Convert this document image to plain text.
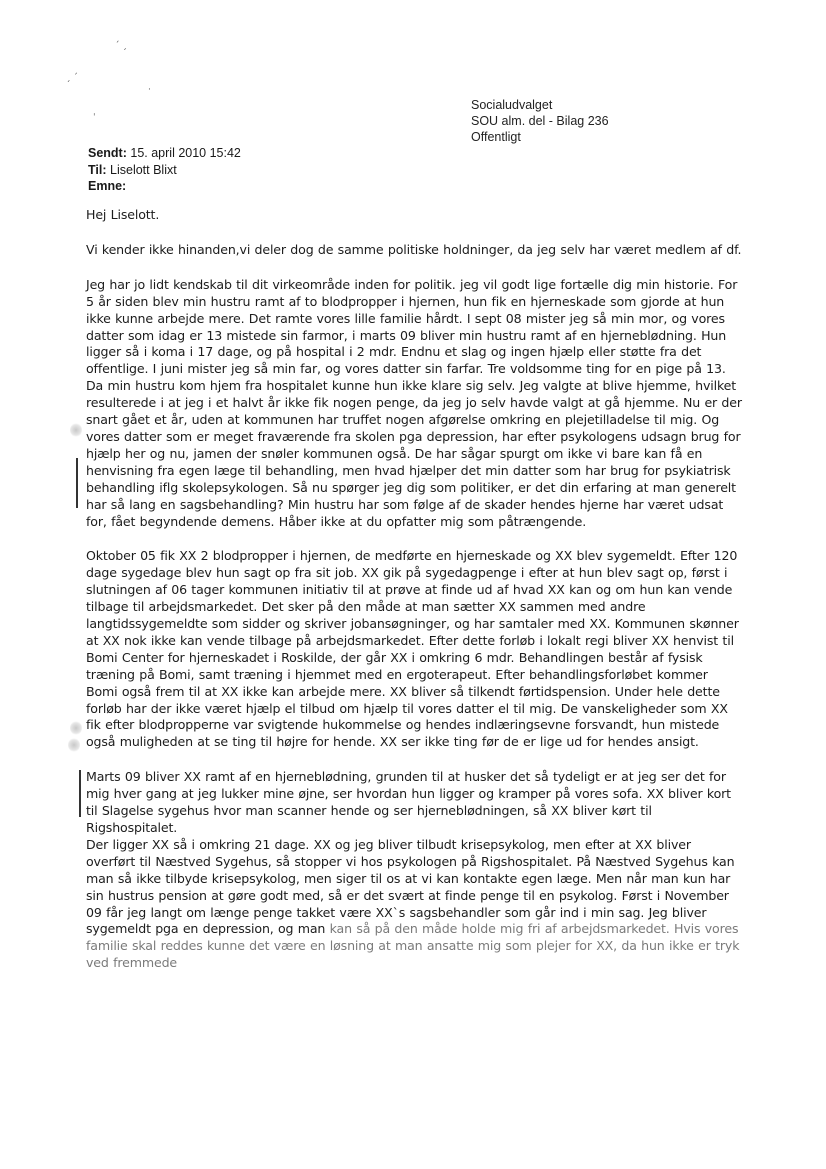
ˊ ˏ
ˏ ˊ
·
ˈ
Socialudvalget
SOU alm. del - Bilag 236
Offentligt
Sendt: 15. april 2010 15:42
Til: Liselott Blixt
Emne:

Hej Liselott.

Vi kender ikke hinanden,vi deler dog de samme politiske holdninger, da jeg selv har været medlem af df.

Jeg har jo lidt kendskab til dit virkeområde inden for politik. jeg vil godt lige fortælle dig min historie. For 5 år siden blev min hustru ramt af to blodpropper i hjernen, hun fik en hjerneskade som gjorde at hun ikke kunne arbejde mere. Det ramte vores lille familie hårdt. I sept 08 mister jeg så min mor, og vores datter som idag er 13 mistede sin farmor, i marts 09 bliver min hustru ramt af en hjerneblødning. Hun ligger så i koma i 17 dage, og på hospital i 2 mdr. Endnu et slag og ingen hjælp eller støtte fra det offentlige. I juni mister jeg så min far, og vores datter sin farfar. Tre voldsomme ting for en pige på 13. Da min hustru kom hjem fra hospitalet kunne hun ikke klare sig selv. Jeg valgte at blive hjemme, hvilket resulterede i at jeg i et halvt år ikke fik nogen penge, da jeg jo selv havde valgt at gå hjemme. Nu er der snart gået et år, uden at kommunen har truffet nogen afgørelse omkring en plejetilladelse til mig. Og vores datter som er meget fraværende fra skolen pga depression, har efter psykologens udsagn brug for hjælp her og nu, jamen der snøler kommunen også. De har sågar spurgt om ikke vi bare kan få en henvisning fra egen læge til behandling, men hvad hjælper det min datter som har brug for psykiatrisk behandling iflg skolepsykologen. Så nu spørger jeg dig som politiker, er det din erfaring at man generelt har så lang en sagsbehandling? Min hustru har som følge af de skader hendes hjerne har været udsat for, fået begyndende demens. Håber ikke at du opfatter mig som påtrængende.

Oktober 05 fik XX 2 blodpropper i hjernen, de medførte en hjerneskade og XX blev sygemeldt. Efter 120 dage sygedage blev hun sagt op fra sit job. XX gik på sygedagpenge i efter at hun blev sagt op, først i slutningen af 06 tager kommunen initiativ til at prøve at finde ud af hvad XX kan og om hun kan vende tilbage til arbejdsmarkedet. Det sker på den måde at man sætter XX sammen med andre langtidssygemeldte som sidder og skriver jobansøgninger, og har samtaler med XX. Kommunen skønner at XX nok ikke kan vende tilbage på arbejdsmarkedet. Efter dette forløb i lokalt regi bliver XX henvist til Bomi Center for hjerneskadet i Roskilde, der går XX i omkring 6 mdr. Behandlingen består af fysisk træning på Bomi, samt træning i hjemmet med en ergoterapeut. Efter behandlingsforløbet kommer Bomi også frem til at XX ikke kan arbejde mere. XX bliver så tilkendt førtidspension. Under hele dette forløb har der ikke været hjælp el tilbud om hjælp til vores datter el til mig. De vanskeligheder som XX fik efter blodpropperne var svigtende hukommelse og hendes indlæringsevne forsvandt, hun mistede også muligheden at se ting til højre for hende. XX ser ikke ting før de er lige ud for hendes ansigt.

Marts 09 bliver XX ramt af en hjerneblødning, grunden til at husker det så tydeligt er at jeg ser det for mig hver gang at jeg lukker mine øjne, ser hvordan hun ligger og kramper på vores sofa. XX bliver kort til Slagelse sygehus hvor man scanner hende og ser hjerneblødningen, så XX bliver kørt til Rigshospitalet.

Der ligger XX så i omkring 21 dage. XX og jeg bliver tilbudt krisepsykolog, men efter at XX bliver overført til Næstved Sygehus, så stopper vi hos psykologen på Rigshospitalet. På Næstved Sygehus kan man så ikke tilbyde krisepsykolog, men siger til os at vi kan kontakte egen læge. Men når man kun har sin hustrus pension at gøre godt med, så er det svært at finde penge til en psykolog. Først i November 09 får jeg langt om længe penge takket være XX`s sagsbehandler som går ind i min sag. Jeg bliver sygemeldt pga en depression, og man kan så på den måde holde mig fri af arbejdsmarkedet. Hvis vores familie skal reddes kunne det være en løsning at man ansatte mig som plejer for XX, da hun ikke er tryk ved fremmede
